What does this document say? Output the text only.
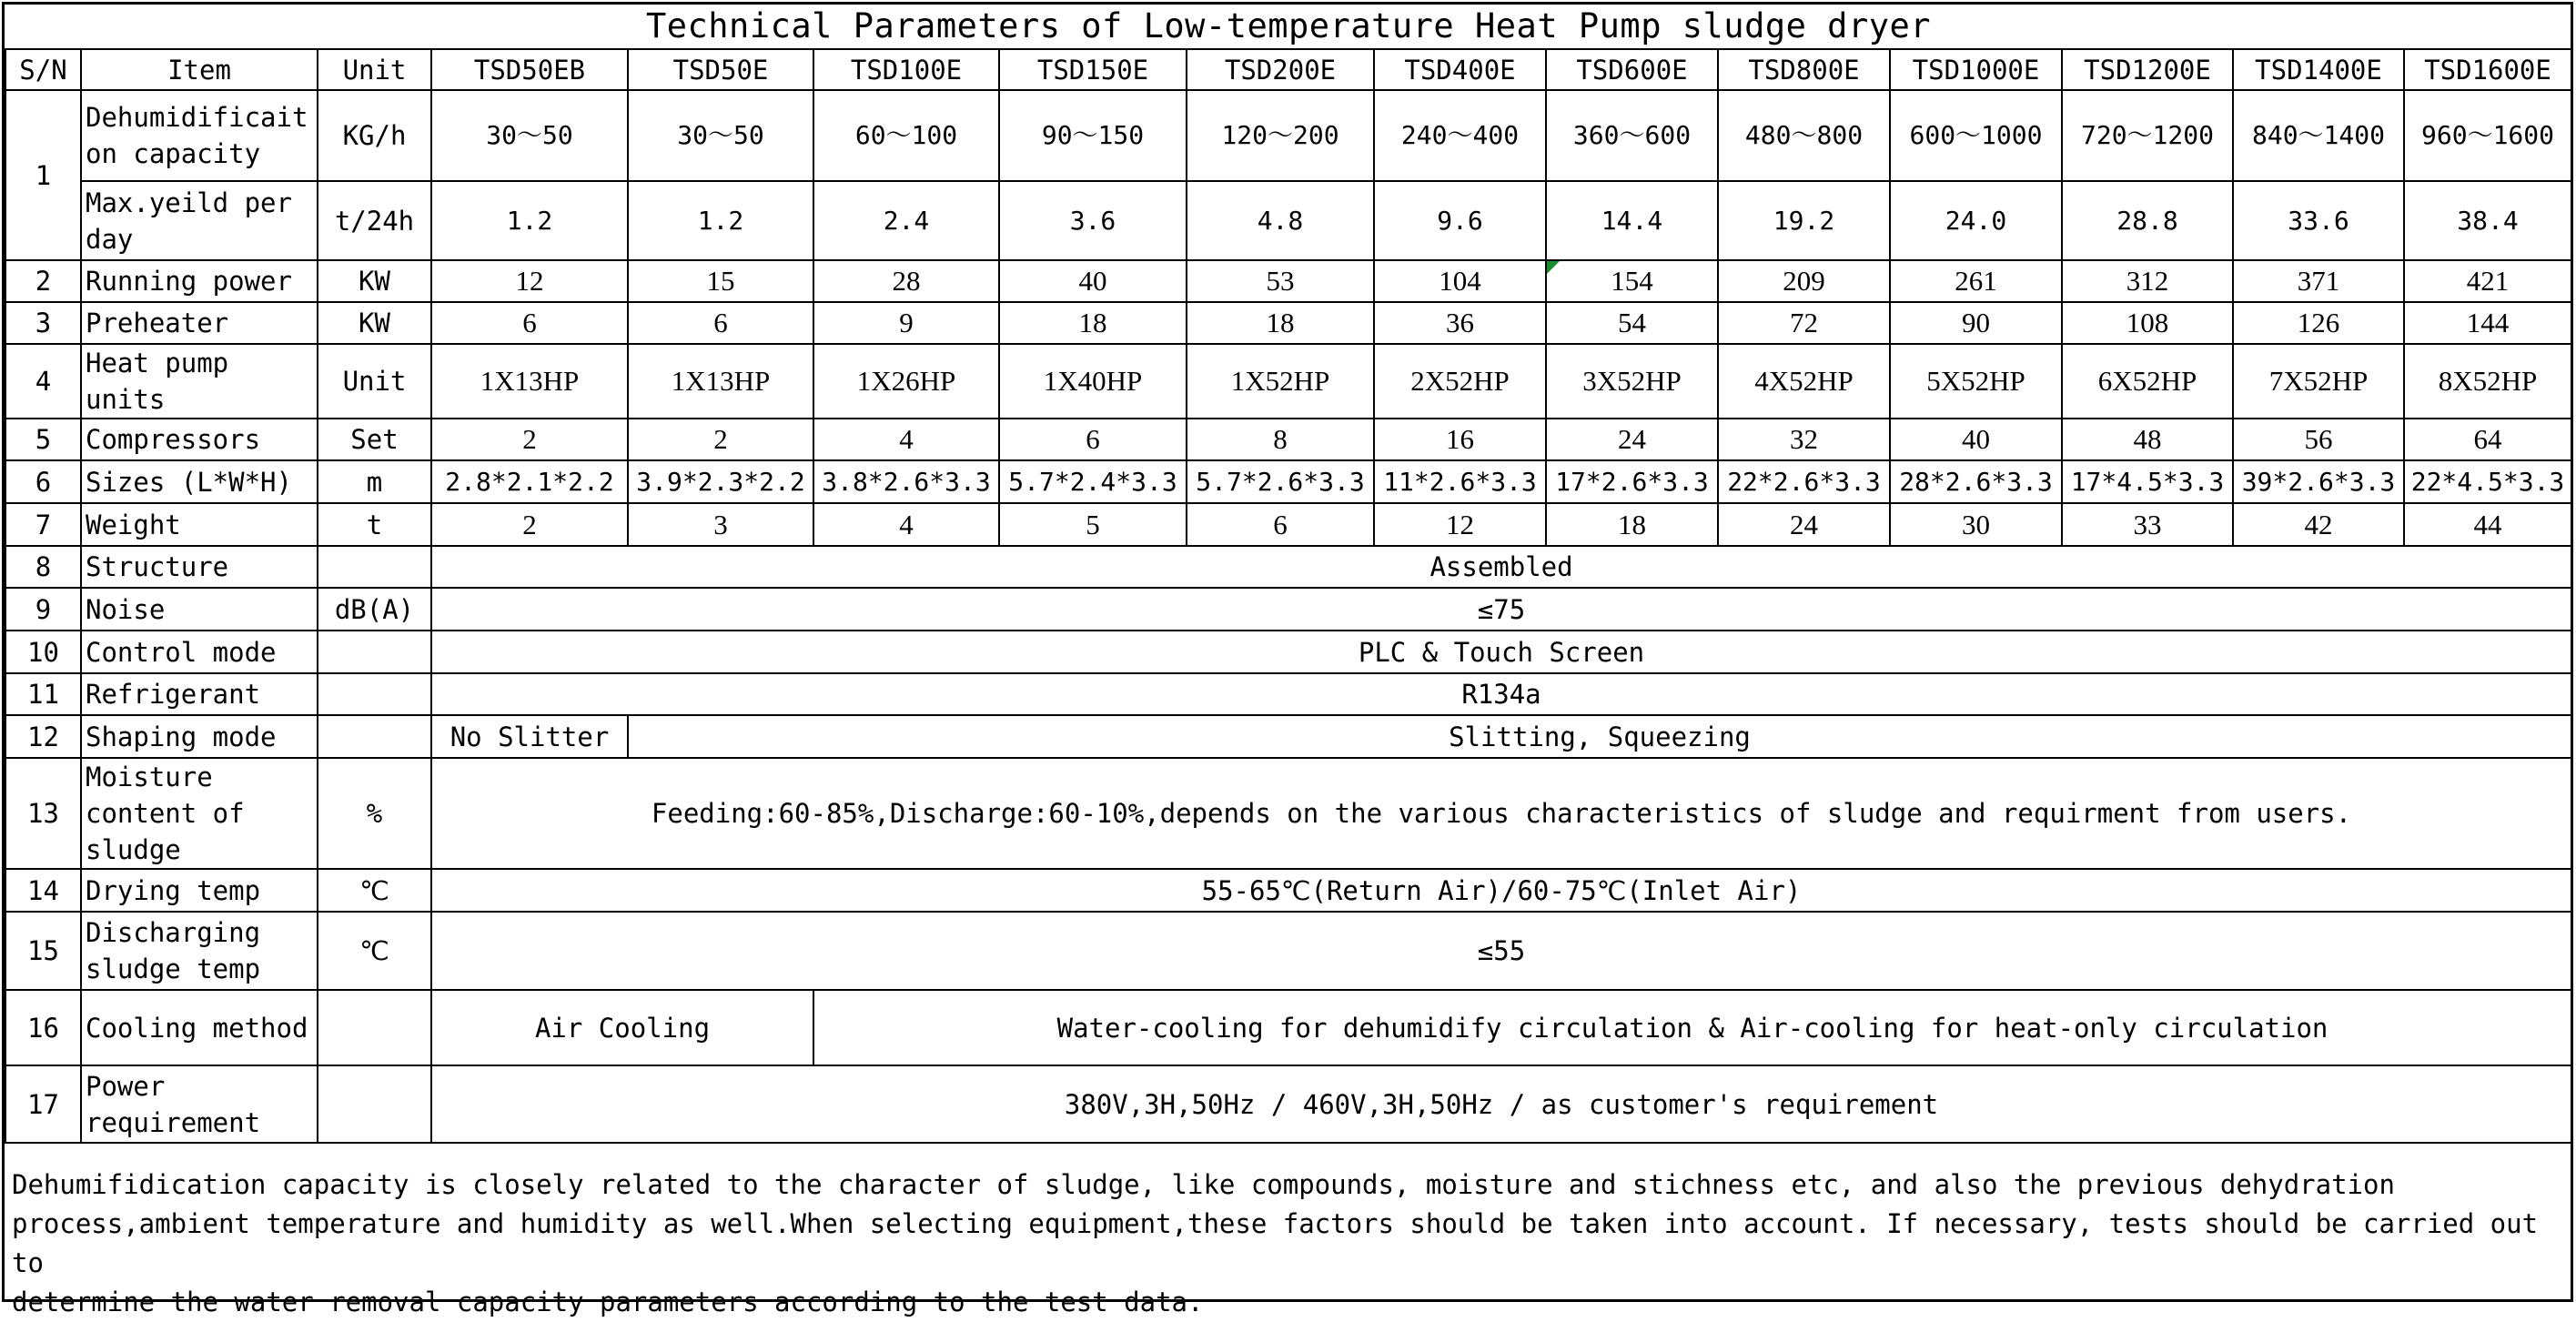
Technical Parameters of Low-temperature Heat Pump sludge dryer														
S/N	Item	Unit	TSD50EB	TSD50E	TSD100E	TSD150E	TSD200E	TSD400E	TSD600E	TSD800E	TSD1000E	TSD1200E	TSD1400E	TSD1600E
1	Dehumidificait on capacity	KG/h	30～50	30～50	60～100	90～150	120～200	240～400	360～600	480～800	600～1000	720～1200	840～1400	960～1600
	Max.yeild per day	t/24h	1.2	1.2	2.4	3.6	4.8	9.6	14.4	19.2	24.0	28.8	33.6	38.4
2	Running power	KW	12	15	28	40	53	104	154	209	261	312	371	421
3	Preheater	KW	6	6	9	18	18	36	54	72	90	108	126	144
4	Heat pump units	Unit	1X13HP	1X13HP	1X26HP	1X40HP	1X52HP	2X52HP	3X52HP	4X52HP	5X52HP	6X52HP	7X52HP	8X52HP
5	Compressors	Set	2	2	4	6	8	16	24	32	40	48	56	64
6	Sizes (L*W*H)	m	2.8*2.1*2.2	3.9*2.3*2.2	3.8*2.6*3.3	5.7*2.4*3.3	5.7*2.6*3.3	11*2.6*3.3	17*2.6*3.3	22*2.6*3.3	28*2.6*3.3	17*4.5*3.3	39*2.6*3.3	22*4.5*3.3
7	Weight	t	2	3	4	5	6	12	18	24	30	33	42	44
8	Structure		Assembled											
9	Noise	dB(A)	≤75											
10	Control mode		PLC & Touch Screen											
11	Refrigerant		R134a											
12	Shaping mode		No Slitter	Slitting, Squeezing										
13	Moisture content of sludge	%	Feeding:60-85%,Discharge:60-10%,depends on the various characteristics of sludge and requirment from users.											
14	Drying temp	℃	55-65℃(Return Air)/60-75℃(Inlet Air)											
15	Discharging sludge temp	℃	≤55											
16	Cooling method		Air Cooling		Water-cooling for dehumidify circulation & Air-cooling for heat-only circulation									
17	Power requirement		380V,3H,50Hz / 460V,3H,50Hz / as customer's requirement											
Dehumifidication capacity is closely related to the character of sludge, like compounds, moisture and stichness etc, and also the previous dehydration
process,ambient temperature and humidity as well.When selecting equipment,these factors should be taken into account. If necessary, tests should be carried out to
determine the water removal capacity parameters according to the test data.
